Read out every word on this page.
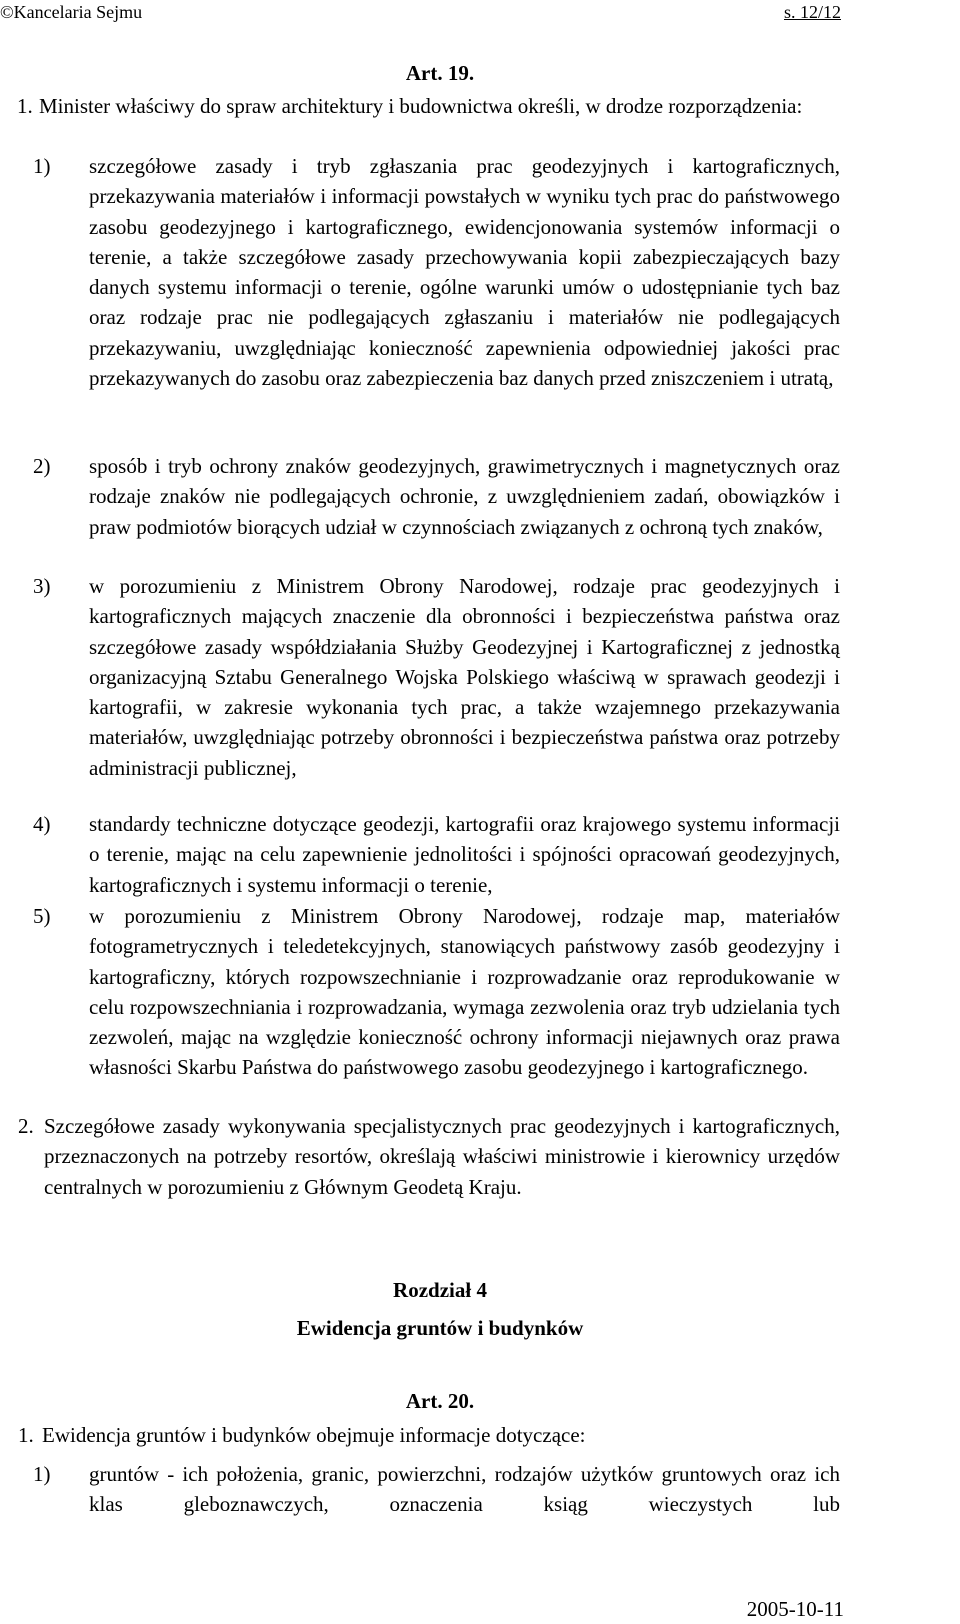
©Kancelaria Sejmu	s. 12/12
Art. 19.
1. Minister właściwy do spraw architektury i budownictwa określi, w drodze rozporządzenia:
1) szczegółowe zasady i tryb zgłaszania prac geodezyjnych i kartograficznych, przekazywania materiałów i informacji powstałych w wyniku tych prac do państwowego zasobu geodezyjnego i kartograficznego, ewidencjonowania systemów informacji o terenie, a także szczegółowe zasady przechowywania kopii zabezpieczających bazy danych systemu informacji o terenie, ogólne warunki umów o udostępnianie tych baz oraz rodzaje prac nie podlegających zgłaszaniu i materiałów nie podlegających przekazywaniu, uwzględniając konieczność zapewnienia odpowiedniej jakości prac przekazywanych do zasobu oraz zabezpieczenia baz danych przed zniszczeniem i utratą,
2) sposób i tryb ochrony znaków geodezyjnych, grawimetrycznych i magnetycznych oraz rodzaje znaków nie podlegających ochronie, z uwzględnieniem zadań, obowiązków i praw podmiotów biorących udział w czynnościach związanych z ochroną tych znaków,
3) w porozumieniu z Ministrem Obrony Narodowej, rodzaje prac geodezyjnych i kartograficznych mających znaczenie dla obronności i bezpieczeństwa państwa oraz szczegółowe zasady współdziałania Służby Geodezyjnej i Kartograficznej z jednostką organizacyjną Sztabu Generalnego Wojska Polskiego właściwą w sprawach geodezji i kartografii, w zakresie wykonania tych prac, a także wzajemnego przekazywania materiałów, uwzględniając potrzeby obronności i bezpieczeństwa państwa oraz potrzeby administracji publicznej,
4) standardy techniczne dotyczące geodezji, kartografii oraz krajowego systemu informacji o terenie, mając na celu zapewnienie jednolitości i spójności opracowań geodezyjnych, kartograficznych i systemu informacji o terenie,
5) w porozumieniu z Ministrem Obrony Narodowej, rodzaje map, materiałów fotogrametrycznych i teledetekcyjnych, stanowiących państwowy zasób geodezyjny i kartograficzny, których rozpowszechnianie i rozprowadzanie oraz reprodukowanie w celu rozpowszechniania i rozprowadzania, wymaga zezwolenia oraz tryb udzielania tych zezwoleń, mając na względzie konieczność ochrony informacji niejawnych oraz prawa własności Skarbu Państwa do państwowego zasobu geodezyjnego i kartograficznego.
2. Szczegółowe zasady wykonywania specjalistycznych prac geodezyjnych i kartograficznych, przeznaczonych na potrzeby resortów, określają właściwi ministrowie i kierownicy urzędów centralnych w porozumieniu z Głównym Geodetą Kraju.
Rozdział 4
Ewidencja gruntów i budynków
Art. 20.
1. Ewidencja gruntów i budynków obejmuje informacje dotyczące:
1) gruntów - ich położenia, granic, powierzchni, rodzajów użytków gruntowych oraz ich klas gleboznawczych, oznaczenia ksiąg wieczystych lub
2005-10-11
